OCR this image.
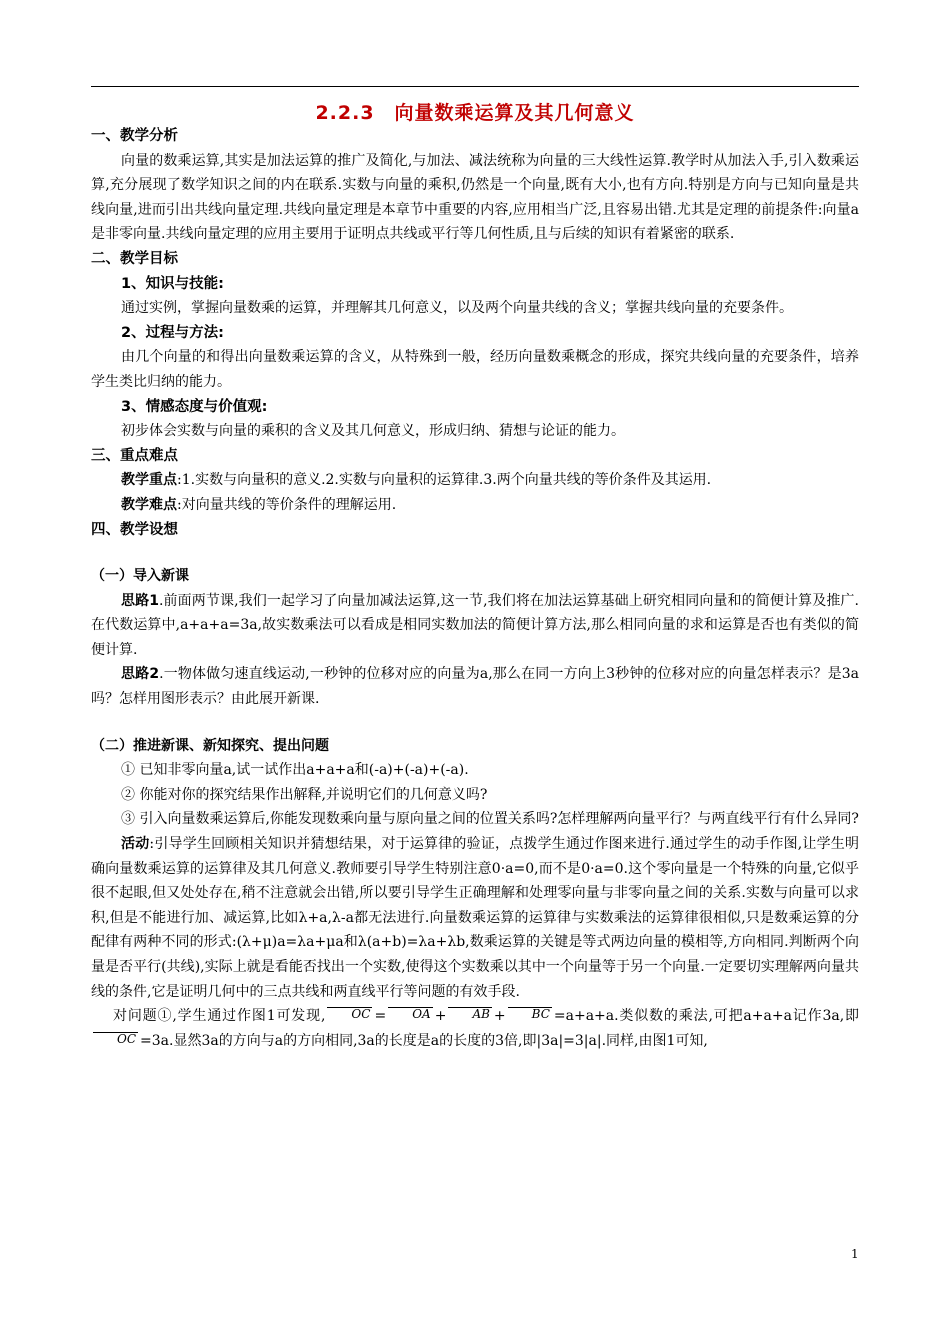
2.2.3　向量数乘运算及其几何意义

一、教学分析

向量的数乘运算,其实是加法运算的推广及简化,与加法、减法统称为向量的三大线性运算.教学时从加法入手,引入数乘运算,充分展现了数学知识之间的内在联系.实数与向量的乘积,仍然是一个向量,既有大小,也有方向.特别是方向与已知向量是共线向量,进而引出共线向量定理.共线向量定理是本章节中重要的内容,应用相当广泛,且容易出错.尤其是定理的前提条件:向量a是非零向量.共线向量定理的应用主要用于证明点共线或平行等几何性质,且与后续的知识有着紧密的联系.

二、教学目标

1、知识与技能:

通过实例，掌握向量数乘的运算，并理解其几何意义，以及两个向量共线的含义；掌握共线向量的充要条件。

2、过程与方法:

由几个向量的和得出向量数乘运算的含义，从特殊到一般，经历向量数乘概念的形成，探究共线向量的充要条件，培养学生类比归纳的能力。

3、情感态度与价值观:

初步体会实数与向量的乘积的含义及其几何意义，形成归纳、猜想与论证的能力。

三、重点难点

教学重点:1.实数与向量积的意义.2.实数与向量积的运算律.3.两个向量共线的等价条件及其运用.

教学难点:对向量共线的等价条件的理解运用.

四、教学设想

（一）导入新课

思路1.前面两节课,我们一起学习了向量加减法运算,这一节,我们将在加法运算基础上研究相同向量和的简便计算及推广.在代数运算中,a+a+a=3a,故实数乘法可以看成是相同实数加法的简便计算方法,那么相同向量的求和运算是否也有类似的简便计算.

思路2.一物体做匀速直线运动,一秒钟的位移对应的向量为a,那么在同一方向上3秒钟的位移对应的向量怎样表示？是3a吗？怎样用图形表示？由此展开新课.

（二）推进新课、新知探究、提出问题

① 已知非零向量a,试一试作出a+a+a和(-a)+(-a)+(-a).

② 你能对你的探究结果作出解释,并说明它们的几何意义吗?

③ 引入向量数乘运算后,你能发现数乘向量与原向量之间的位置关系吗?怎样理解两向量平行？与两直线平行有什么异同?

活动:引导学生回顾相关知识并猜想结果，对于运算律的验证，点拨学生通过作图来进行.通过学生的动手作图,让学生明确向量数乘运算的运算律及其几何意义.教师要引导学生特别注意0·a=0,而不是0·a=0.这个零向量是一个特殊的向量,它似乎很不起眼,但又处处存在,稍不注意就会出错,所以要引导学生正确理解和处理零向量与非零向量之间的关系.实数与向量可以求积,但是不能进行加、减运算,比如λ+a,λ-a都无法进行.向量数乘运算的运算律与实数乘法的运算律很相似,只是数乘运算的分配律有两种不同的形式:(λ+μ)a=λa+μa和λ(a+b)=λa+λb,数乘运算的关键是等式两边向量的模相等,方向相同.判断两个向量是否平行(共线),实际上就是看能否找出一个实数,使得这个实数乘以其中一个向量等于另一个向量.一定要切实理解两向量共线的条件,它是证明几何中的三点共线和两直线平行等问题的有效手段.

对问题①,学生通过作图1可发现, OC = OA + AB + BC =a+a+a.类似数的乘法,可把a+a+a记作3a,即OC =3a.显然3a的方向与a的方向相同,3a的长度是a的长度的3倍,即|3a|=3|a|.同样,由图1可知,

1
